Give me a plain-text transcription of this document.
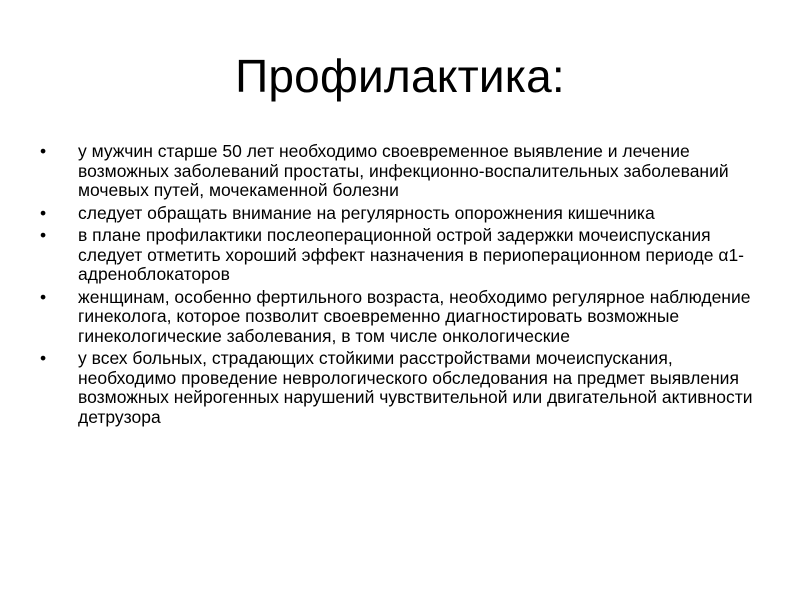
Профилактика:
•	у мужчин старше 50 лет необходимо своевременное выявление и лечение возможных заболеваний простаты, инфекционно-воспалительных заболеваний мочевых путей, мочекаменной болезни
•	следует обращать внимание на регулярность опорожнения кишечника
•	в плане профилактики послеоперационной острой задержки мочеиспускания следует отметить хороший эффект назначения в периоперационном периоде α1-адреноблокаторов
•	женщинам, особенно фертильного возраста, необходимо регулярное наблюдение гинеколога, которое позволит своевременно диагностировать возможные гинекологические заболевания, в том числе онкологические
•	у всех больных, страдающих стойкими расстройствами мочеиспускания, необходимо проведение неврологического обследования на предмет выявления возможных нейрогенных нарушений чувствительной или двигательной активности детрузора
